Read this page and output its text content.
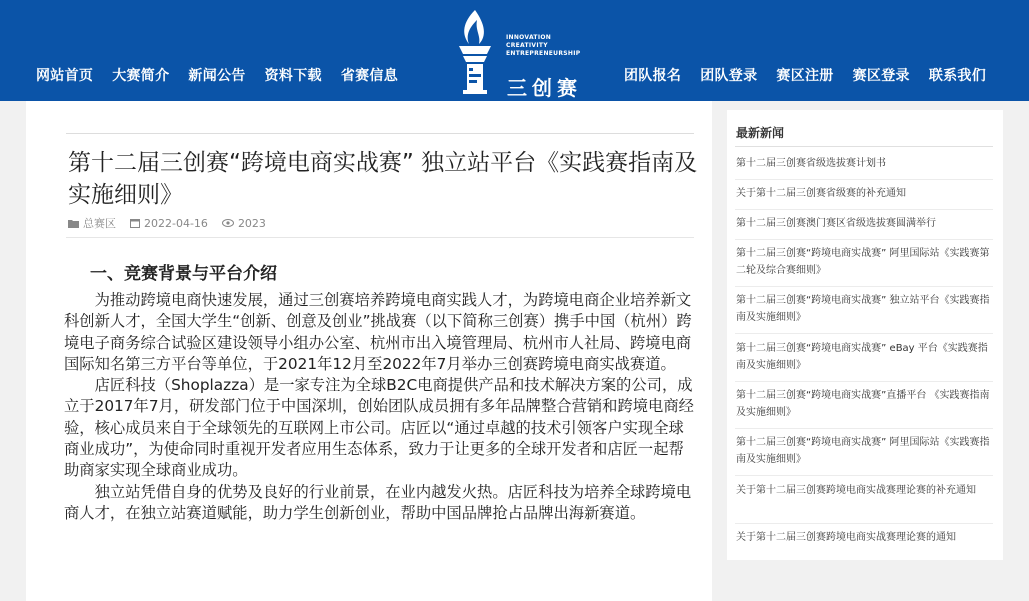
网站首页 大赛简介 新闻公告 资料下载 省赛信息
INNOVATION
CREATIVITY
ENTREPRENEURSHIP
三创赛	团队报名 团队登录 赛区注册 赛区登录 联系我们
第十二届三创赛“跨境电商实战赛” 独立站平台《实践赛指南及实施细则》
总赛区	2022-04-16	2023
一、竞赛背景与平台介绍

为推动跨境电商快速发展，通过三创赛培养跨境电商实践人才，为跨境电商企业培养新文科创新人才，全国大学生“创新、创意及创业”挑战赛（以下简称三创赛）携手中国（杭州）跨境电子商务综合试验区建设领导小组办公室、杭州市出入境管理局、杭州市人社局、跨境电商国际知名第三方平台等单位，于2021年12月至2022年7月举办三创赛跨境电商实战赛道。

店匠科技（Shoplazza）是一家专注为全球B2C电商提供产品和技术解决方案的公司，成立于2017年7月，研发部门位于中国深圳，创始团队成员拥有多年品牌整合营销和跨境电商经验，核心成员来自于全球领先的互联网上市公司。店匠以“通过卓越的技术引领客户实现全球商业成功”，为使命同时重视开发者应用生态体系，致力于让更多的全球开发者和店匠一起帮助商家实现全球商业成功。

独立站凭借自身的优势及良好的行业前景，在业内越发火热。店匠科技为培养全球跨境电商人才，在独立站赛道赋能，助力学生创新创业，帮助中国品牌抢占品牌出海新赛道。

最新新闻
第十二届三创赛省级选拔赛计划书
关于第十二届三创赛省级赛的补充通知
第十二届三创赛澳门赛区省级选拔赛圆满举行
第十二届三创赛“跨境电商实战赛” 阿里国际站《实践赛第二轮及综合赛细则》
第十二届三创赛“跨境电商实战赛” 独立站平台《实践赛指南及实施细则》
第十二届三创赛“跨境电商实战赛” eBay 平台《实践赛指南及实施细则》
第十二届三创赛“跨境电商实战赛”直播平台 《实践赛指南及实施细则》
第十二届三创赛“跨境电商实战赛” 阿里国际站《实践赛指南及实施细则》
关于第十二届三创赛跨境电商实战赛理论赛的补充通知
关于第十二届三创赛跨境电商实战赛理论赛的通知
